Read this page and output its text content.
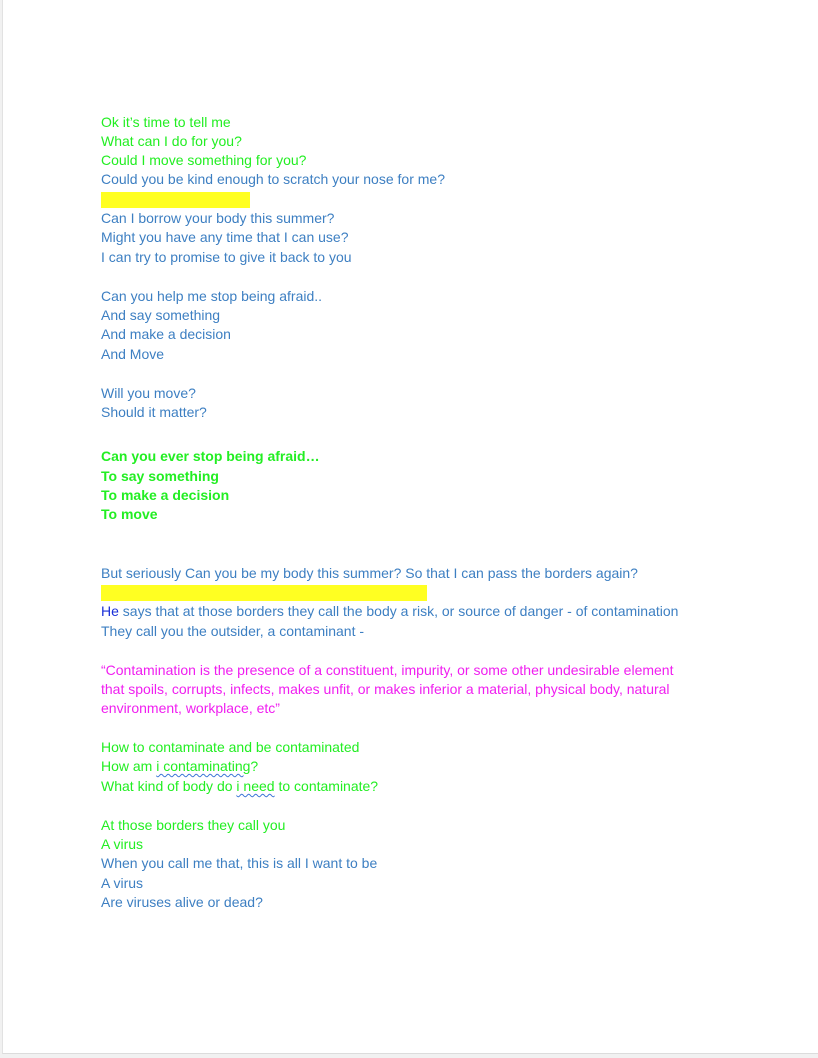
Ok it’s time to tell me
What can I do for you?
Could I move something for you?
Could you be kind enough to scratch your nose for me?
Can I borrow your body this summer?
Might you have any time that I can use?
I can try to promise to give it back to you
Can you help me stop being afraid..
And say something
And make a decision
And Move
Will you move?
Should it matter?
Can you ever stop being afraid…
To say something
To make a decision
To move
But seriously Can you be my body this summer? So that I can pass the borders again?
He says that at those borders they call the body a risk, or source of danger - of contamination
They call you the outsider, a contaminant -
“Contamination is the presence of a constituent, impurity, or some other undesirable element
that spoils, corrupts, infects, makes unfit, or makes inferior a material, physical body, natural
environment, workplace, etc”
How to contaminate and be contaminated
How am i contaminating?
What kind of body do i need to contaminate?
At those borders they call you
A virus
When you call me that, this is all I want to be
A virus
Are viruses alive or dead?
